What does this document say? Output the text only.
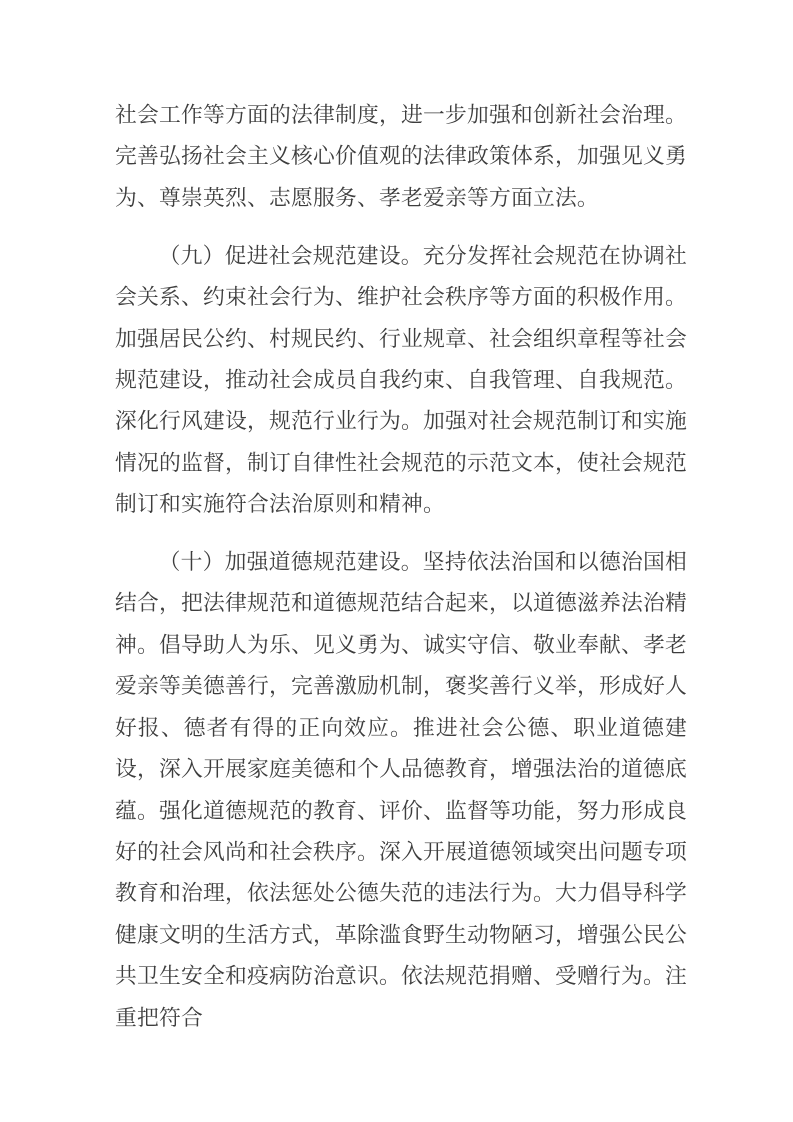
社会工作等方面的法律制度，进一步加强和创新社会治理。完善弘扬社会主义核心价值观的法律政策体系，加强见义勇为、尊崇英烈、志愿服务、孝老爱亲等方面立法。

（九）促进社会规范建设。充分发挥社会规范在协调社会关系、约束社会行为、维护社会秩序等方面的积极作用。加强居民公约、村规民约、行业规章、社会组织章程等社会规范建设，推动社会成员自我约束、自我管理、自我规范。深化行风建设，规范行业行为。加强对社会规范制订和实施情况的监督，制订自律性社会规范的示范文本，使社会规范制订和实施符合法治原则和精神。

（十）加强道德规范建设。坚持依法治国和以德治国相结合，把法律规范和道德规范结合起来，以道德滋养法治精神。倡导助人为乐、见义勇为、诚实守信、敬业奉献、孝老爱亲等美德善行，完善激励机制，褒奖善行义举，形成好人好报、德者有得的正向效应。推进社会公德、职业道德建设，深入开展家庭美德和个人品德教育，增强法治的道德底蕴。强化道德规范的教育、评价、监督等功能，努力形成良好的社会风尚和社会秩序。深入开展道德领域突出问题专项教育和治理，依法惩处公德失范的违法行为。大力倡导科学健康文明的生活方式，革除滥食野生动物陋习，增强公民公共卫生安全和疫病防治意识。依法规范捐赠、受赠行为。注重把符合
